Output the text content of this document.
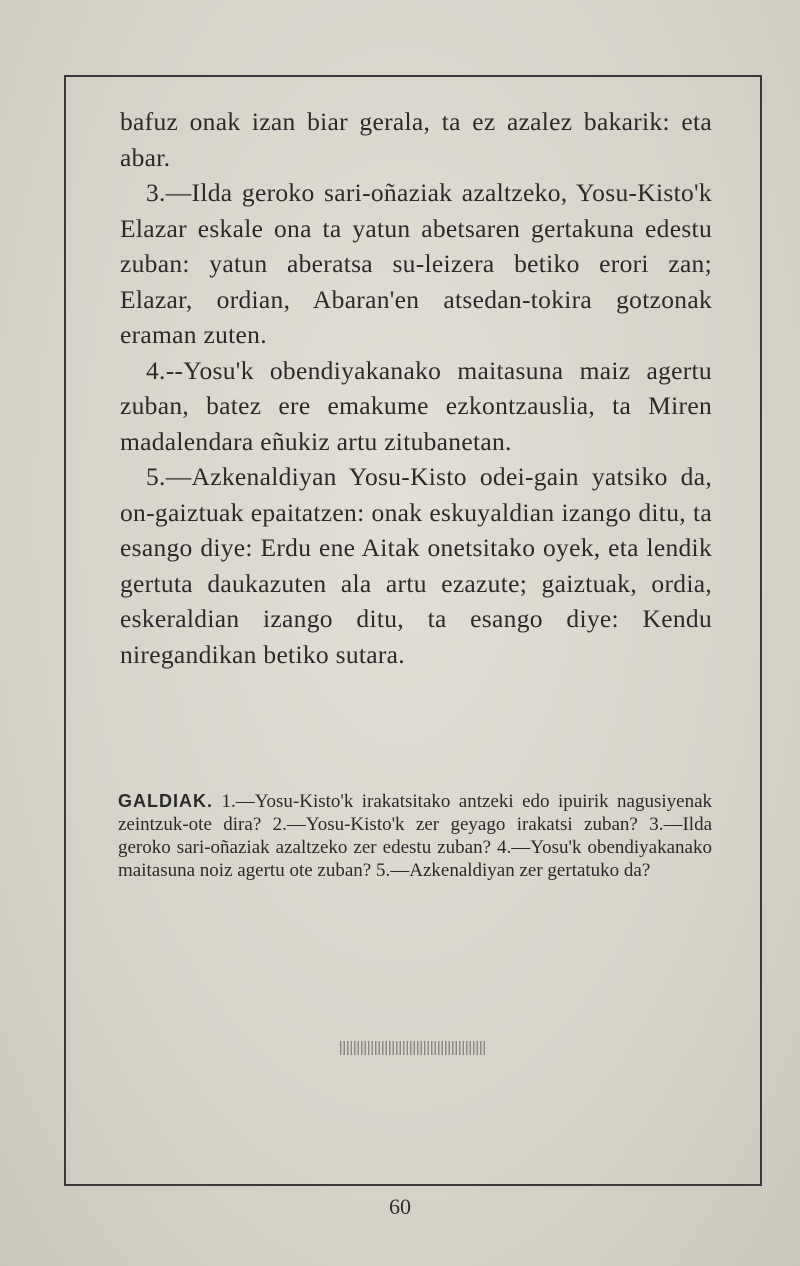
bafuz onak izan biar gerala, ta ez azalez bakarik: eta abar.

3.—Ilda geroko sari-oñaziak azaltzeko, Yosu-Kisto'k Elazar eskale ona ta yatun abetsaren gertakuna edestu zuban: yatun aberatsa su-leizera betiko erori zan; Elazar, ordian, Abaran'en atsedan-tokira gotzonak eraman zuten.

4.--Yosu'k obendiyakanako maitasuna maiz agertu zuban, batez ere emakume ezkontzauslia, ta Miren madalendara eñukiz artu zitubanetan.

5.—Azkenaldiyan Yosu-Kisto odei-gain yatsiko da, on-gaiztuak epaitatzen: onak eskuyaldian izango ditu, ta esango diye: Erdu ene Aitak onetsitako oyek, eta lendik gertuta daukazuten ala artu ezazute; gaiztuak, ordia, eskeraldian izango ditu, ta esango diye: Kendu niregandikan betiko sutara.

GALDIAK. 1.—Yosu-Kisto'k irakatsitako antzeki edo ipuirik nagusiyenak zeintzuk-ote dira? 2.—Yosu-Kisto'k zer geyago irakatsi zuban? 3.—Ilda geroko sari-oñaziak azaltzeko zer edestu zuban? 4.—Yosu'k obendiyakanako maitasuna noiz agertu ote zuban? 5.—Azkenaldiyan zer gertatuko da?
60
